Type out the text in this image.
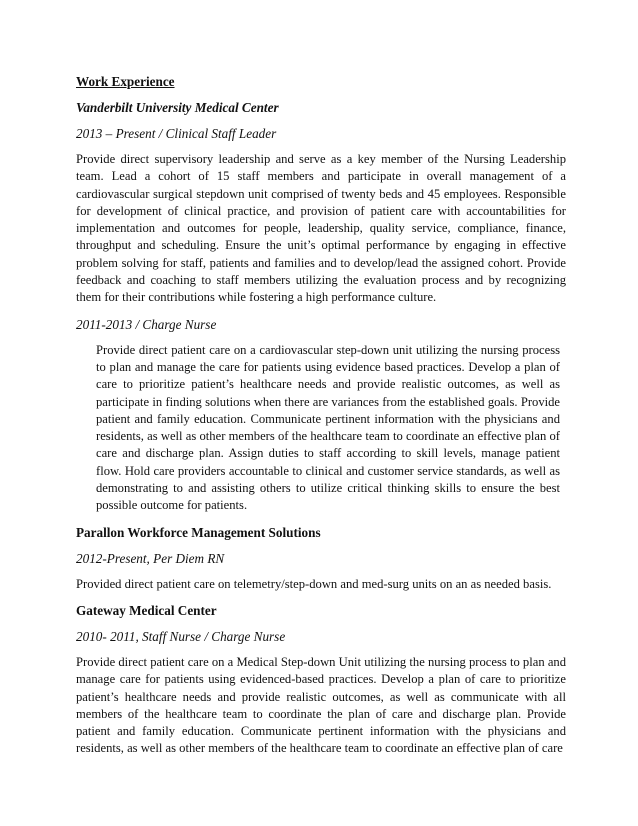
Work Experience

Vanderbilt University Medical Center

2013 – Present / Clinical Staff Leader

Provide direct supervisory leadership and serve as a key member of the Nursing Leadership team. Lead a cohort of 15 staff members and participate in overall management of a cardiovascular surgical stepdown unit comprised of twenty beds and 45 employees. Responsible for development of clinical practice, and provision of patient care with accountabilities for implementation and outcomes for people, leadership, quality service, compliance, finance, throughput and scheduling. Ensure the unit’s optimal performance by engaging in effective problem solving for staff, patients and families and to develop/lead the assigned cohort. Provide feedback and coaching to staff members utilizing the evaluation process and by recognizing them for their contributions while fostering a high performance culture.

2011-2013 / Charge Nurse

Provide direct patient care on a cardiovascular step-down unit utilizing the nursing process to plan and manage the care for patients using evidence based practices. Develop a plan of care to prioritize patient’s healthcare needs and provide realistic outcomes, as well as participate in finding solutions when there are variances from the established goals. Provide patient and family education. Communicate pertinent information with the physicians and residents, as well as other members of the healthcare team to coordinate an effective plan of care and discharge plan. Assign duties to staff according to skill levels, manage patient flow. Hold care providers accountable to clinical and customer service standards, as well as demonstrating to and assisting others to utilize critical thinking skills to ensure the best possible outcome for patients.

Parallon Workforce Management Solutions

2012-Present, Per Diem RN

Provided direct patient care on telemetry/step-down and med-surg units on an as needed basis.

Gateway Medical Center

2010- 2011, Staff Nurse / Charge Nurse

Provide direct patient care on a Medical Step-down Unit utilizing the nursing process to plan and manage care for patients using evidenced-based practices. Develop a plan of care to prioritize patient’s healthcare needs and provide realistic outcomes, as well as communicate with all members of the healthcare team to coordinate the plan of care and discharge plan. Provide patient and family education. Communicate pertinent information with the physicians and residents, as well as other members of the healthcare team to coordinate an effective plan of care
